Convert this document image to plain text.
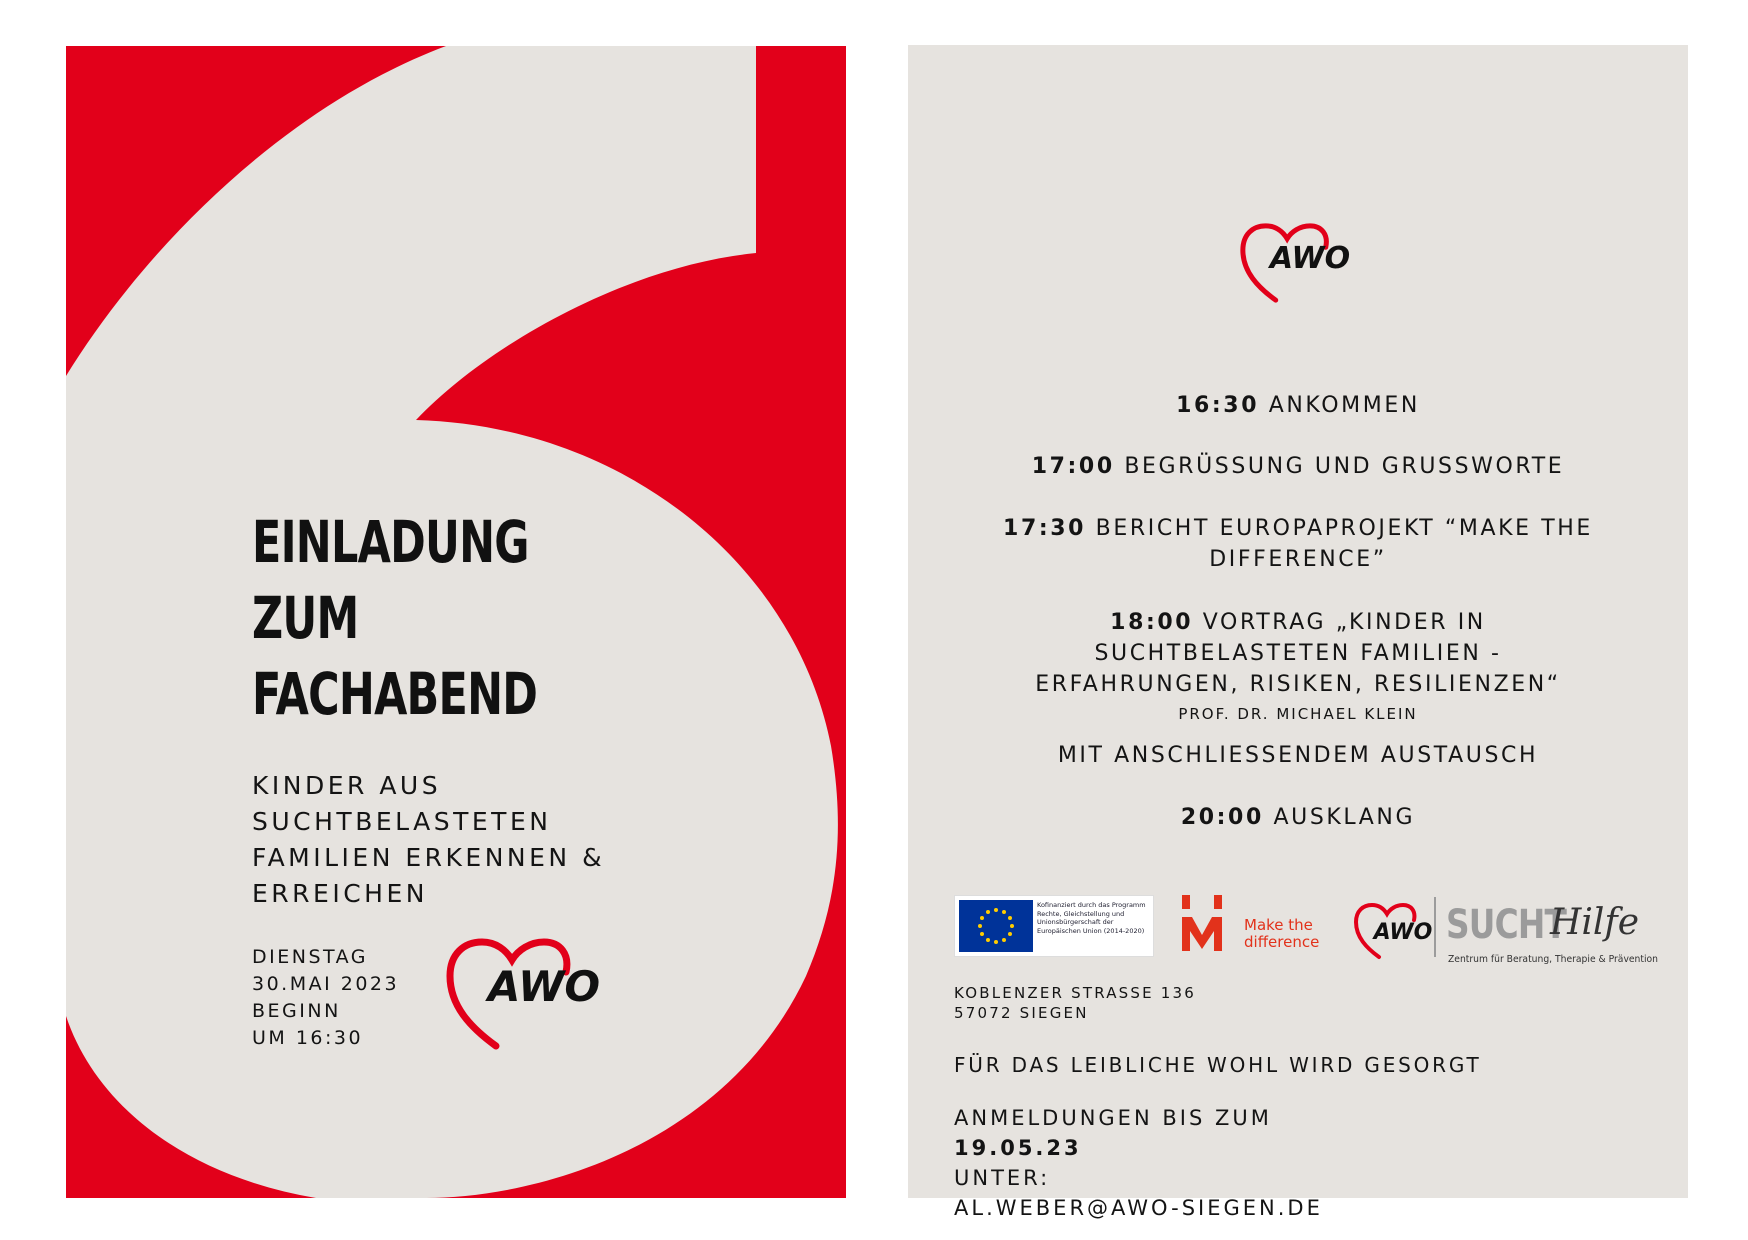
EINLADUNG
ZUM
FACHABEND
KINDER AUS SUCHTBELASTETEN FAMILIEN ERKENNEN & ERREICHEN
DIENSTAG
30.MAI 2023
BEGINN
UM 16:30
AWO
AWO

16:30 ANKOMMEN

17:00 BEGRÜSSUNG UND GRUSSWORTE

17:30 BERICHT EUROPAPROJEKT “MAKE THE DIFFERENCE”

18:00 VORTRAG „KINDER IN SUCHTBELASTETEN FAMILIEN - ERFAHRUNGEN, RISIKEN, RESILIENZEN“

PROF. DR. MICHAEL KLEIN

MIT ANSCHLIESSENDEM AUSTAUSCH

20:00 AUSKLANG

Kofinanziert durch das Programm Rechte, Gleichstellung und Unionsbürgerschaft der Europäischen Union (2014-2020)	Make the
difference AWO SUCHT
Hilfe
Zentrum für Beratung, Therapie & Prävention
KOBLENZER STRASSE 136
57072 SIEGEN
FÜR DAS LEIBLICHE WOHL WIRD GESORGT
ANMELDUNGEN BIS ZUM
19.05.23
UNTER:
AL.WEBER@AWO-SIEGEN.DE
